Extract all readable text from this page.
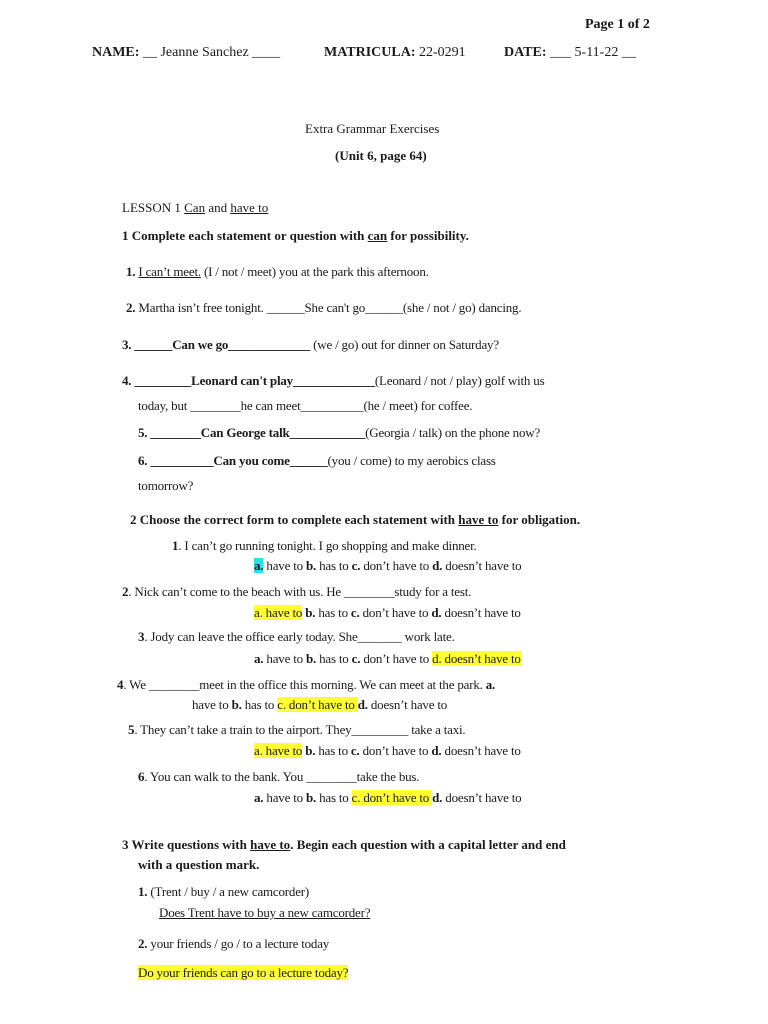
Page 1 of 2
NAME: __ Jeanne Sanchez ____	MATRICULA: 22-0291	DATE: ___ 5-11-22 __
Extra Grammar Exercises
(Unit 6, page 64)
LESSON 1 Can and have to
1 Complete each statement or question with can for possibility.
1. I can’t meet. (I / not / meet) you at the park this afternoon.
2. Martha isn’t free tonight. ______She can't go______(she / not / go) dancing.
3. ______Can we go_____________ (we / go) out for dinner on Saturday?
4. _________Leonard can't play_____________(Leonard / not / play) golf with us
today, but ________he can meet__________(he / meet) for coffee.
5. ________Can George talk____________(Georgia / talk) on the phone now?
6. __________Can you come______(you / come) to my aerobics class
tomorrow?
2 Choose the correct form to complete each statement with have to for obligation.
1. I can’t go running tonight. I go shopping and make dinner.
a. have to b. has to c. don’t have to d. doesn’t have to
2. Nick can’t come to the beach with us. He ________study for a test.
a. have to b. has to c. don’t have to d. doesn’t have to
3. Jody can leave the office early today. She_______ work late.
a. have to b. has to c. don’t have to d. doesn’t have to
4. We ________meet in the office this morning. We can meet at the park. a.
have to b. has to c. don’t have to d. doesn’t have to
5. They can’t take a train to the airport. They_________ take a taxi.
a. have to b. has to c. don’t have to d. doesn’t have to
6. You can walk to the bank. You ________take the bus.
a. have to b. has to c. don’t have to d. doesn’t have to
3 Write questions with have to. Begin each question with a capital letter and end
with a question mark.
1. (Trent / buy / a new camcorder)
Does Trent have to buy a new camcorder?
2. your friends / go / to a lecture today
Do your friends can go to a lecture today?
